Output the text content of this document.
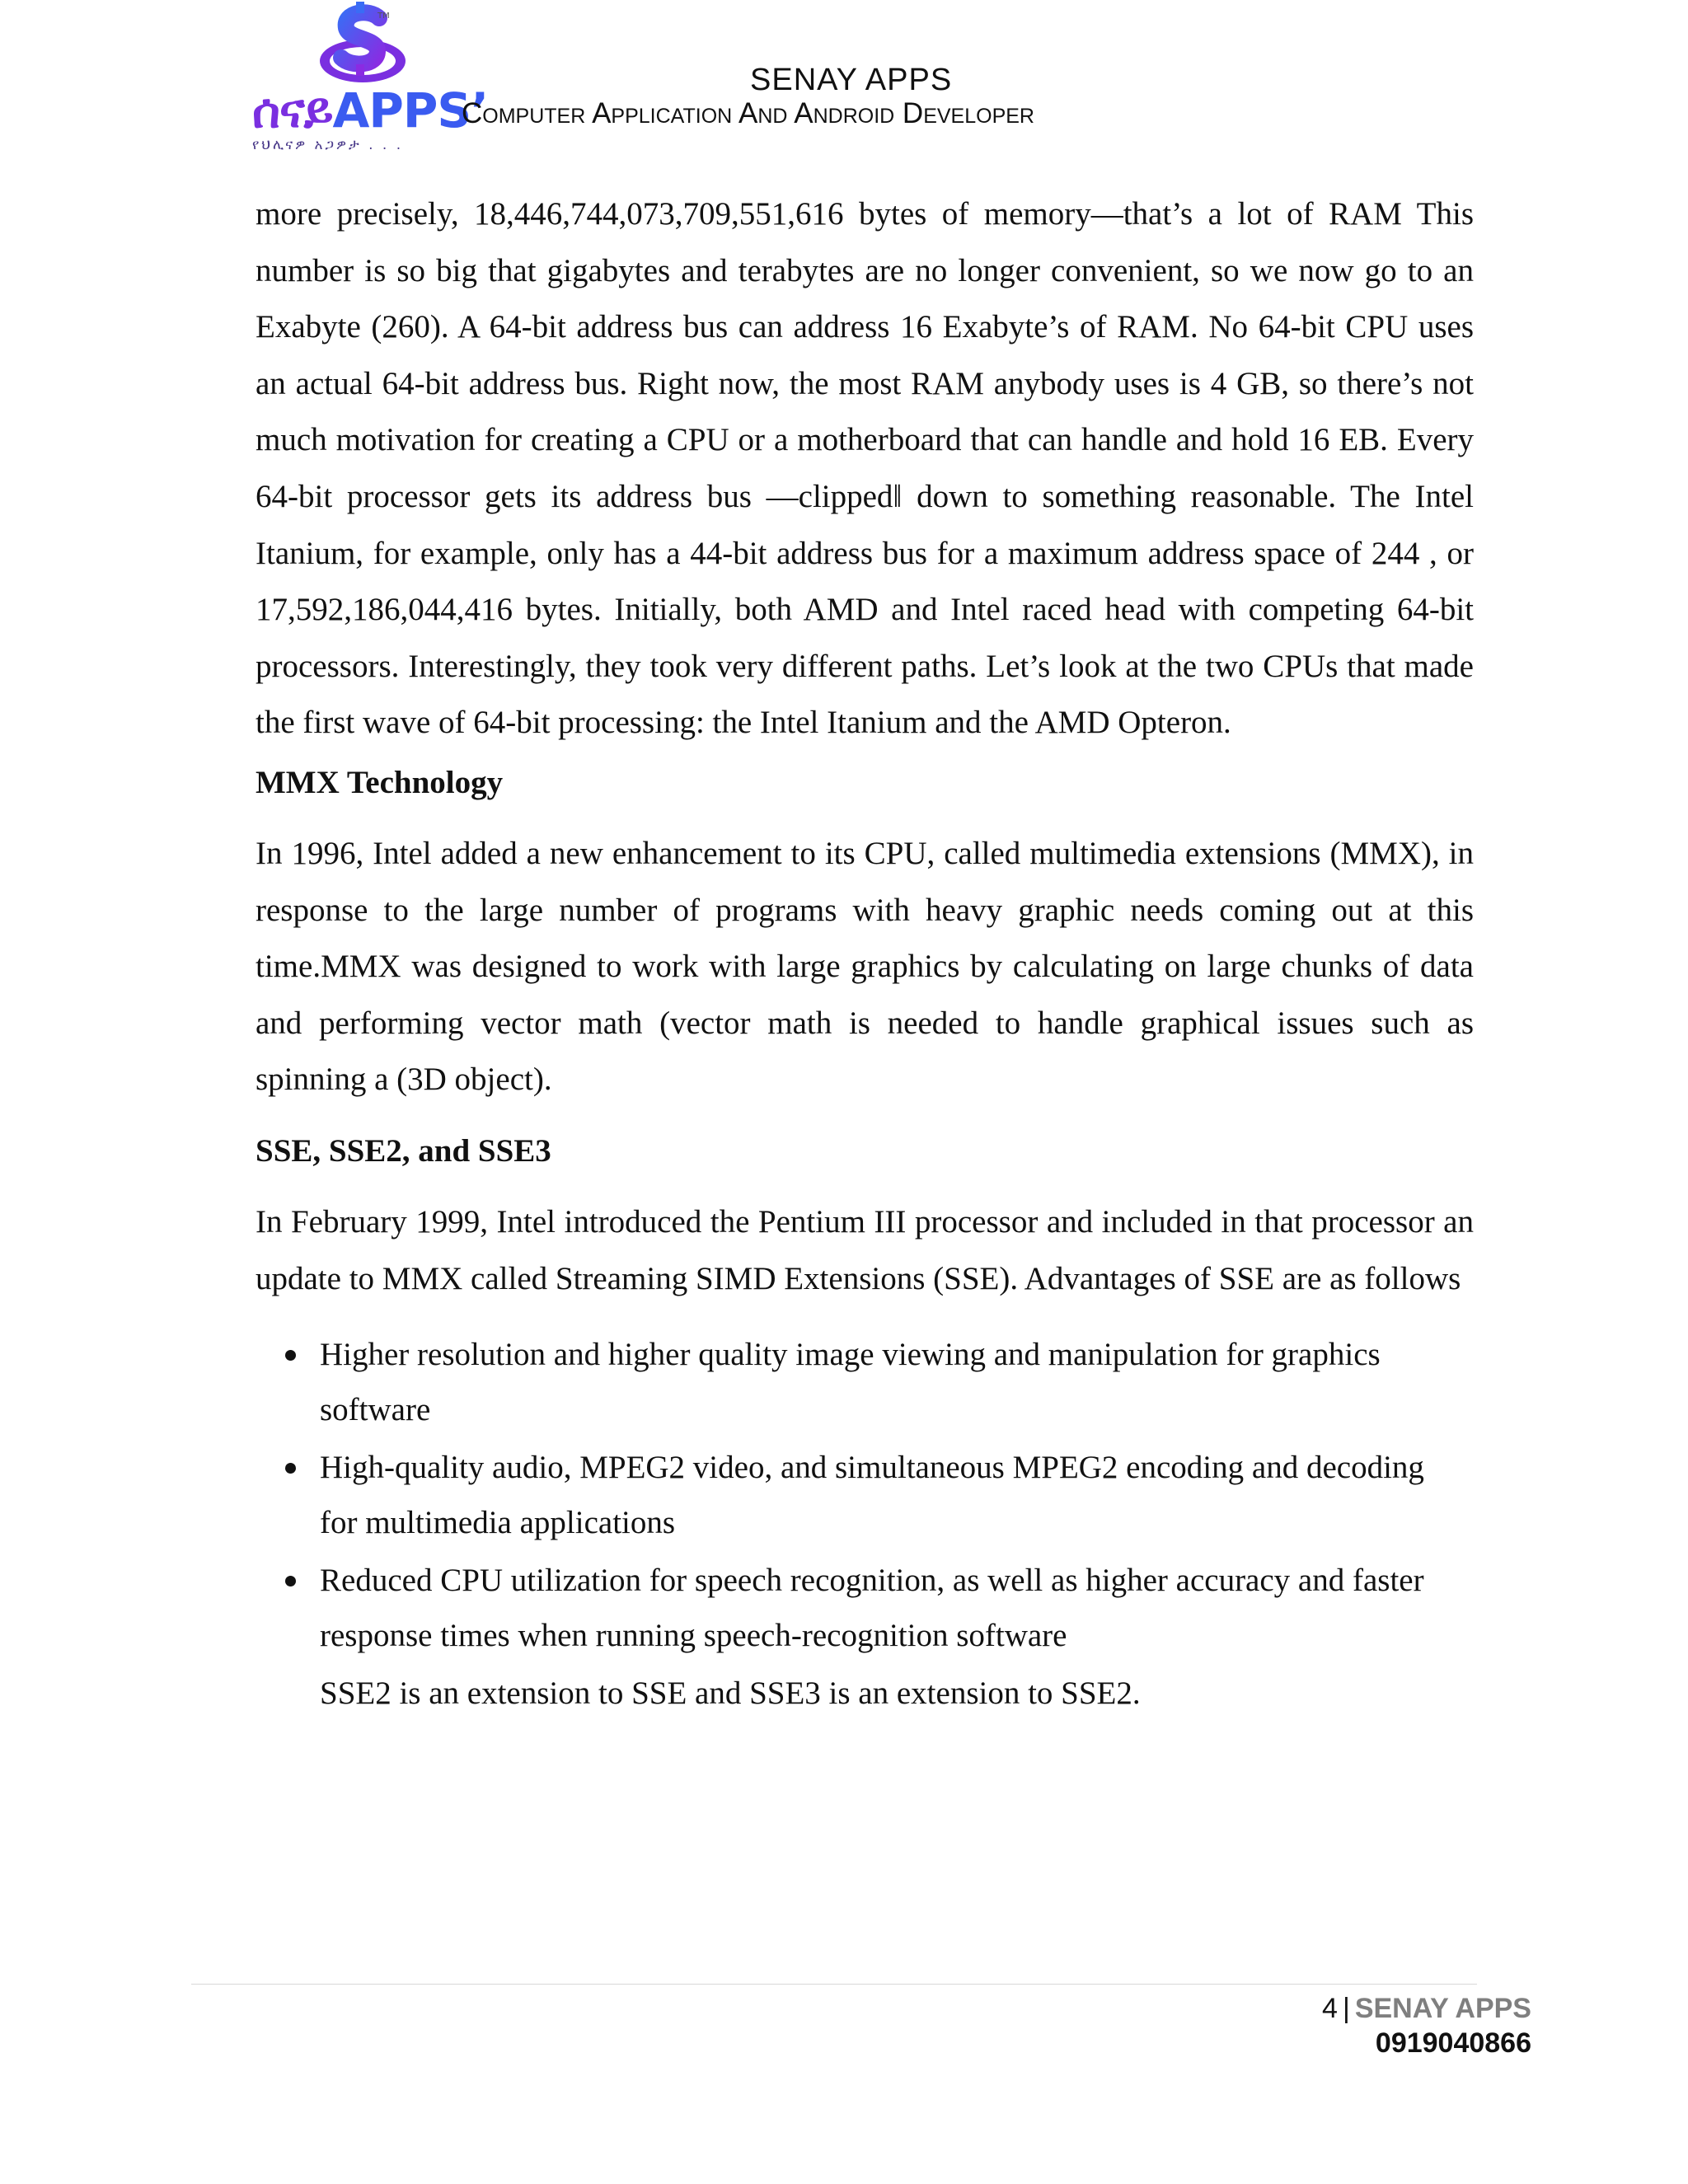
TM
ሰናይAPPS’
የህሊናዎ አጋዎታ . . .
SENAY APPS
Computer Application And Android Developer

more precisely, 18,446,744,073,709,551,616 bytes of memory—that’s a lot of RAM This number is so big that gigabytes and terabytes are no longer convenient, so we now go to an Exabyte (260). A 64-bit address bus can address 16 Exabyte’s of RAM. No 64-bit CPU uses an actual 64-bit address bus. Right now, the most RAM anybody uses is 4 GB, so there’s not much motivation for creating a CPU or a motherboard that can handle and hold 16 EB. Every 64-bit processor gets its address bus ―clipped‖ down to something reasonable. The Intel Itanium, for example, only has a 44-bit address bus for a maximum address space of 244 , or 17,592,186,044,416 bytes. Initially, both AMD and Intel raced head with competing 64-bit processors. Interestingly, they took very different paths. Let’s look at the two CPUs that made the first wave of 64-bit processing: the Intel Itanium and the AMD Opteron.

MMX Technology

In 1996, Intel added a new enhancement to its CPU, called multimedia extensions (MMX), in response to the large number of programs with heavy graphic needs coming out at this time.MMX was designed to work with large graphics by calculating on large chunks of data and performing vector math (vector math is needed to handle graphical issues such as spinning a (3D object).

SSE, SSE2, and SSE3

In February 1999, Intel introduced the Pentium III processor and included in that processor an update to MMX called Streaming SIMD Extensions (SSE). Advantages of SSE are as follows

Higher resolution and higher quality image viewing and manipulation for graphics software
High-quality audio, MPEG2 video, and simultaneous MPEG2 encoding and decoding for multimedia applications
Reduced CPU utilization for speech recognition, as well as higher accuracy and faster response times when running speech-recognition software

SSE2 is an extension to SSE and SSE3 is an extension to SSE2.

4 | SENAY APPS
0919040866
